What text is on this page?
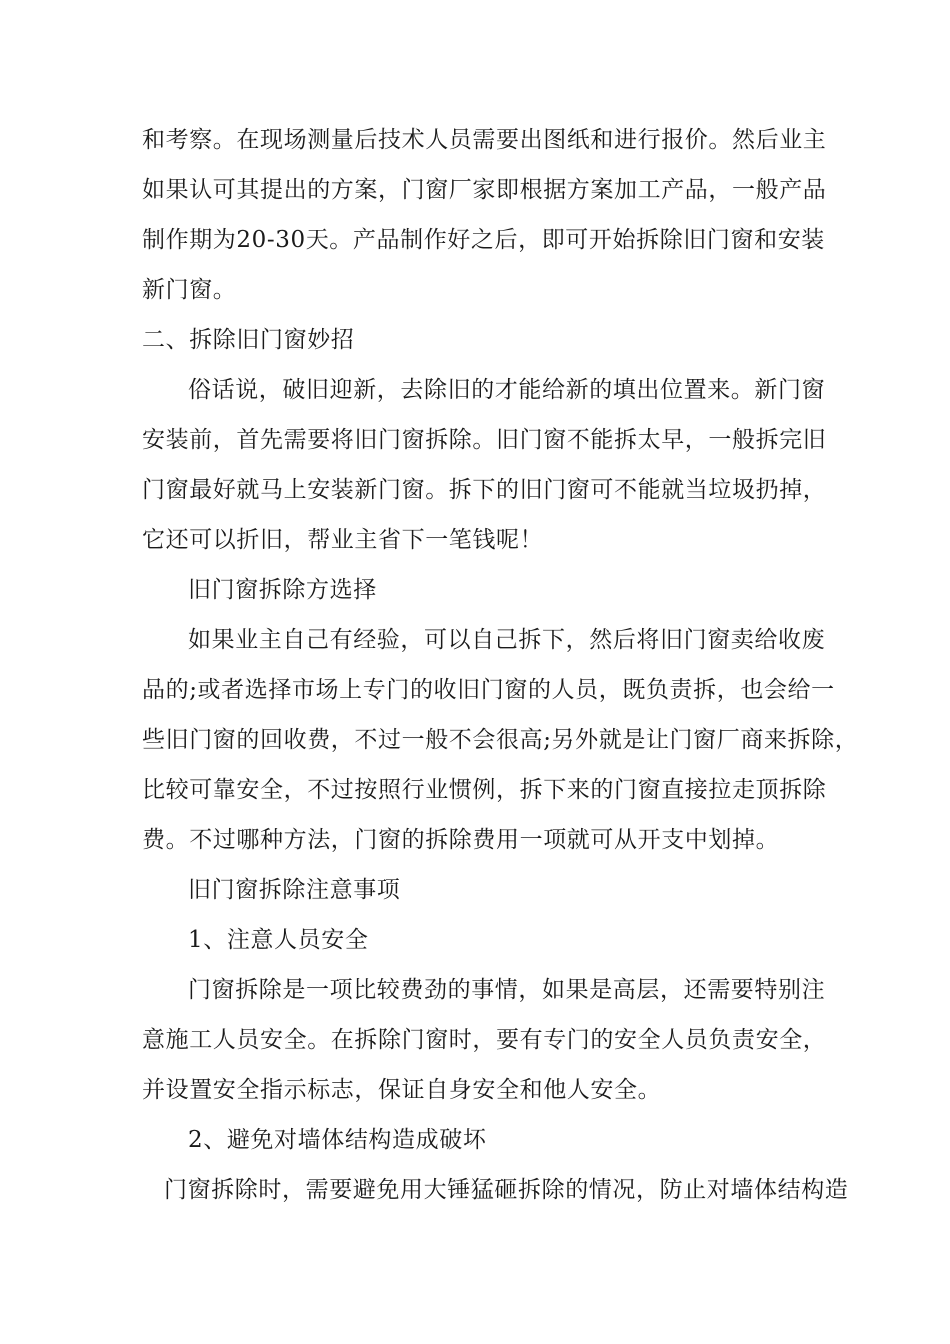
和考察。在现场测量后技术人员需要出图纸和进行报价。然后业主
如果认可其提出的方案，门窗厂家即根据方案加工产品，一般产品
制作期为20-30天。产品制作好之后，即可开始拆除旧门窗和安装
新门窗。
二、拆除旧门窗妙招
俗话说，破旧迎新，去除旧的才能给新的填出位置来。新门窗
安装前，首先需要将旧门窗拆除。旧门窗不能拆太早，一般拆完旧
门窗最好就马上安装新门窗。拆下的旧门窗可不能就当垃圾扔掉，
它还可以折旧，帮业主省下一笔钱呢！
旧门窗拆除方选择
如果业主自己有经验，可以自己拆下，然后将旧门窗卖给收废
品的;或者选择市场上专门的收旧门窗的人员，既负责拆，也会给一
些旧门窗的回收费，不过一般不会很高;另外就是让门窗厂商来拆除，
比较可靠安全，不过按照行业惯例，拆下来的门窗直接拉走顶拆除
费。不过哪种方法，门窗的拆除费用一项就可从开支中划掉。
旧门窗拆除注意事项
1、注意人员安全
门窗拆除是一项比较费劲的事情，如果是高层，还需要特别注
意施工人员安全。在拆除门窗时，要有专门的安全人员负责安全，
并设置安全指示标志，保证自身安全和他人安全。
2、避免对墙体结构造成破坏
门窗拆除时，需要避免用大锤猛砸拆除的情况，防止对墙体结构造
